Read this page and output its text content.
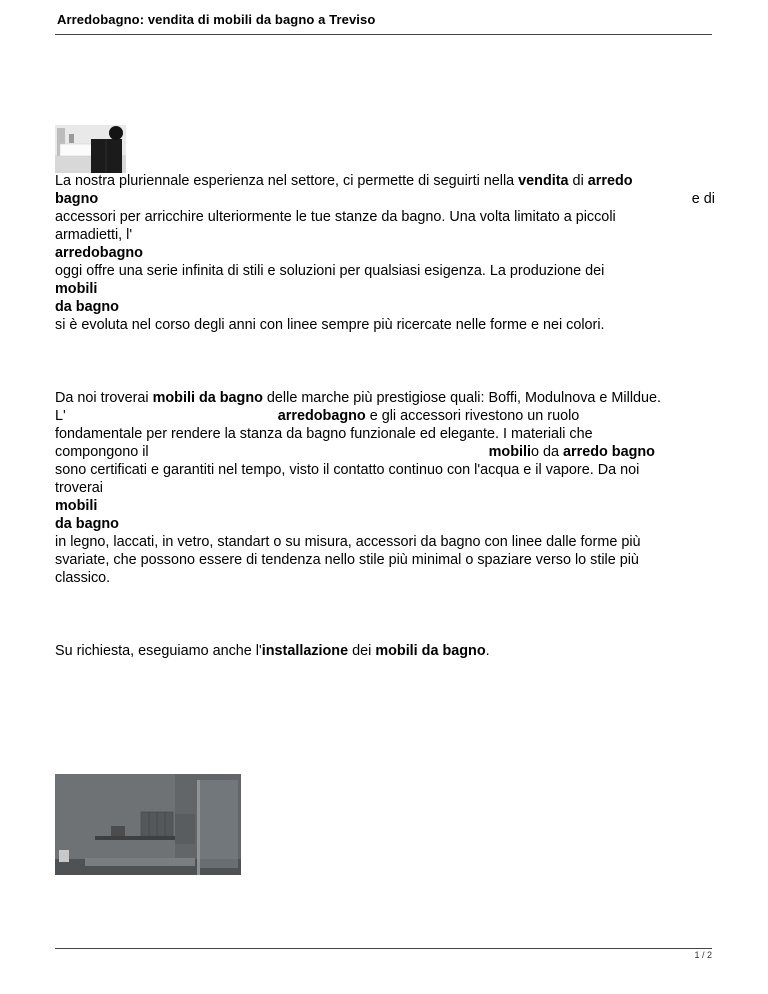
Arredobagno: vendita di mobili da bagno a Treviso

La nostra pluriennale esperienza nel settore, ci permette di seguirti nella vendita di arredo

bagno	e di
accessori per arricchire ulteriormente le tue stanze da bagno. Una volta limitato a piccoli
armadietti, l'
arredobagno
oggi offre una serie infinita di stili e soluzioni per qualsiasi esigenza. La produzione dei
mobili
da bagno
si è evoluta nel corso degli anni con linee sempre più ricercate nelle forme e nei colori.

Da noi troverai mobili da bagno delle marche più prestigiose quali: Boffi, Modulnova e Milldue.
L'	arredobagno e gli accessori rivestono un ruolo
fondamentale per rendere la stanza da bagno funzionale ed elegante. I materiali che
compongono il	mobilio da arredo bagno
sono certificati e garantiti nel tempo, visto il contatto continuo con l'acqua e il vapore. Da noi
troverai
mobili
da bagno
in legno, laccati, in vetro, standart o su misura, accessori da bagno con linee dalle forme più
svariate, che possono essere di tendenza nello stile più minimal o spaziare verso lo stile più
classico.

Su richiesta, eseguiamo anche l'installazione dei mobili da bagno.

1 / 2
